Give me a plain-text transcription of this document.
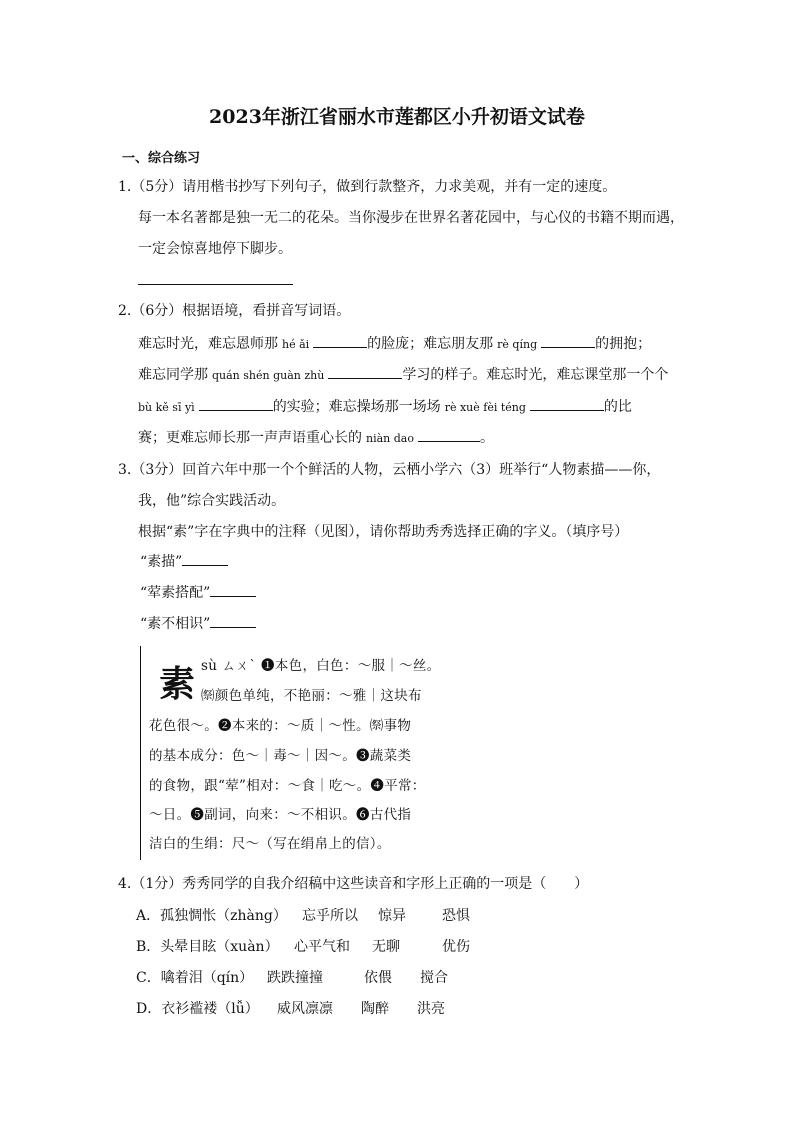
2023年浙江省丽水市莲都区小升初语文试卷
一、综合练习
1.（5分）请用楷书抄写下列句子，做到行款整齐，力求美观，并有一定的速度。
每一本名著都是独一无二的花朵。当你漫步在世界名著花园中，与心仪的书籍不期而遇，
一定会惊喜地停下脚步。
2.（6分）根据语境，看拼音写词语。
难忘时光，难忘恩师那 hé ǎi	的脸庞；难忘朋友那 rè qíng	的拥抱；
难忘同学那 quán shén guàn zhù	学习的样子。难忘时光，难忘课堂那一个个
bù kě sī yì	的实验；难忘操场那一场场 rè xuè fèi téng	的比
赛；更难忘师长那一声声语重心长的 niàn dao	。
3.（3分）回首六年中那一个个鲜活的人物，云栖小学六（3）班举行“人物素描——你，
我，他”综合实践活动。
根据“素”字在字典中的注释（见图），请你帮助秀秀选择正确的字义。（填序号）
“素描”
“荤素搭配”
“素不相识”
素 sù ㄙㄨˋ ❶本色，白色：～服｜～丝。
㉀颜色单纯，不艳丽：～雅｜这块布
花色很～。❷本来的：～质｜～性。㉀事物
的基本成分：色～｜毒～｜因～。❸蔬菜类
的食物，跟“荤”相对：～食｜吃～。❹平常：
～日。❺副词，向来：～不相识。❻古代指
洁白的生绢：尺～（写在绢帛上的信）。
4.（1分）秀秀同学的自我介绍稿中这些读音和字形上正确的一项是（　　）
A．孤独惆怅（zhàng） 忘乎所以 惊异	恐惧
B．头晕目眩（xuàn） 心平气和 无聊	优伤
C．噙着泪（qín） 跌跌撞撞	依偎 搅合
D．衣衫褴褛（lǚ） 威风凛凛 陶醉 洪亮
